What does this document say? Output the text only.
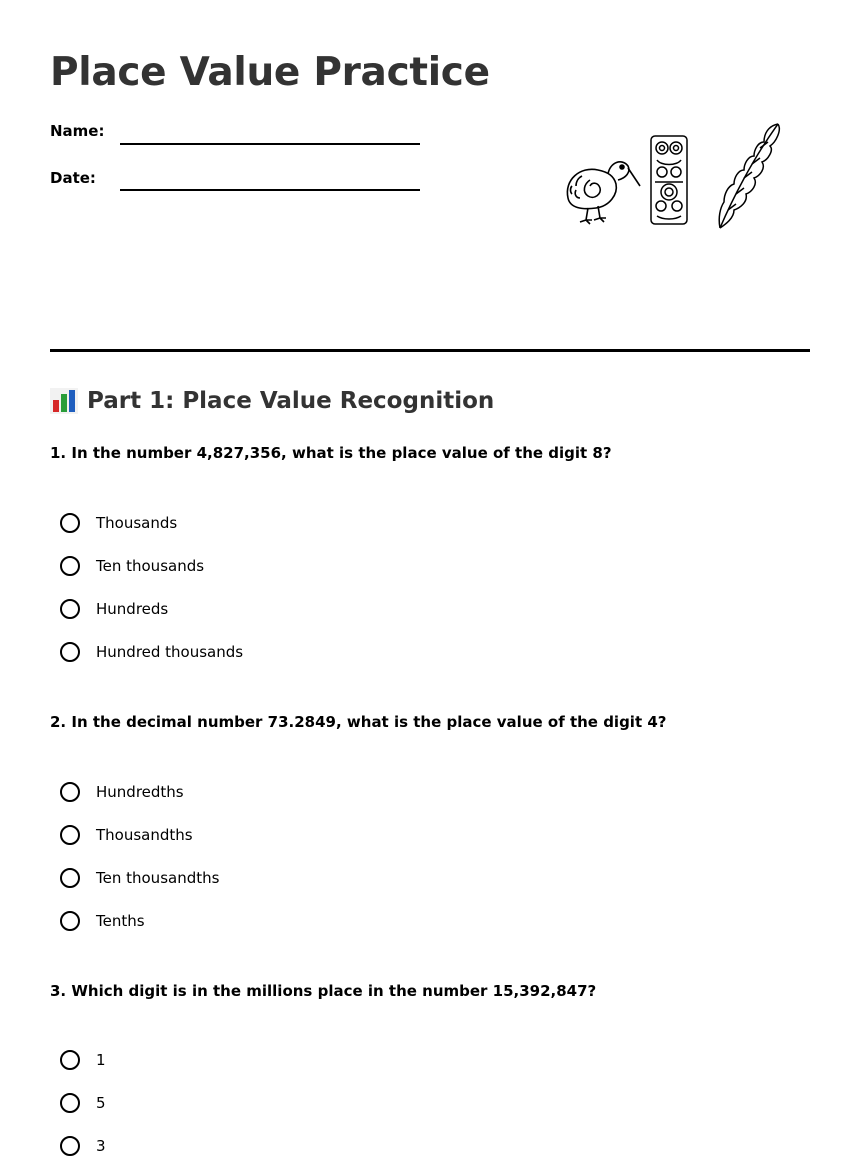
Place Value Practice
Name:
Date:
Part 1: Place Value Recognition
1. In the number 4,827,356, what is the place value of the digit 8?
Thousands
Ten thousands
Hundreds
Hundred thousands
2. In the decimal number 73.2849, what is the place value of the digit 4?
Hundredths
Thousandths
Ten thousandths
Tenths
3. Which digit is in the millions place in the number 15,392,847?
1
5
3
